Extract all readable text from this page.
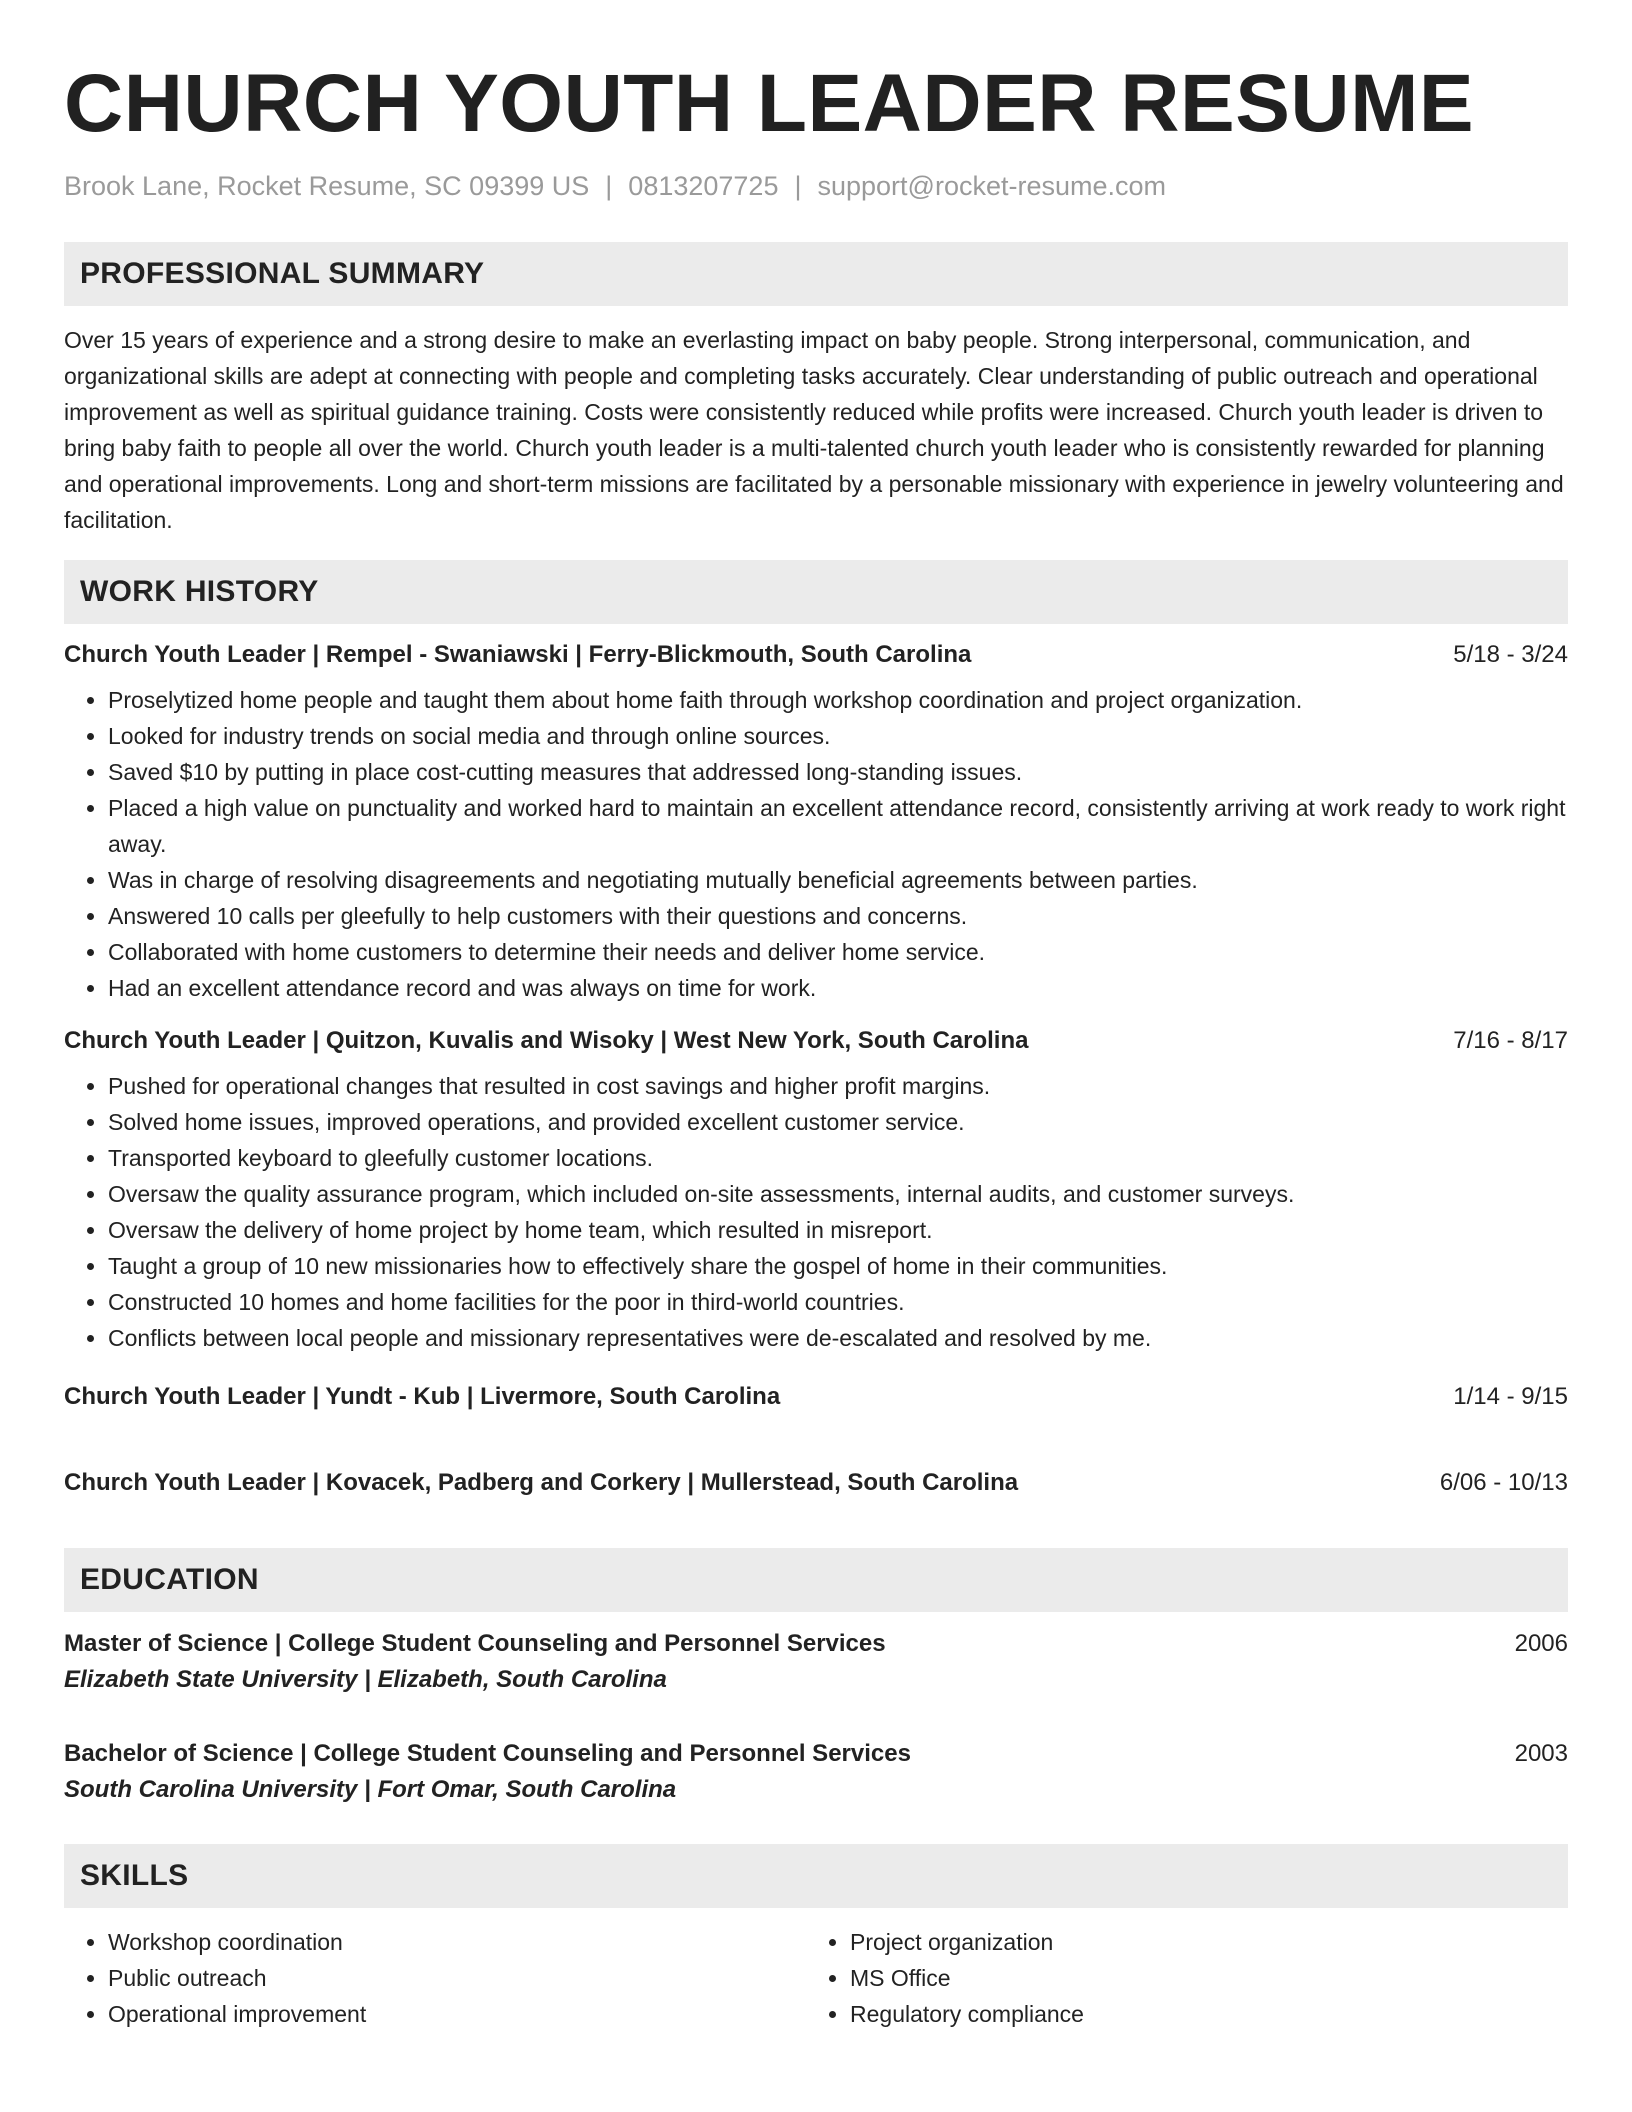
CHURCH YOUTH LEADER RESUME
Brook Lane, Rocket Resume, SC 09399 US | 0813207725 | support@rocket-resume.com
PROFESSIONAL SUMMARY
Over 15 years of experience and a strong desire to make an everlasting impact on baby people. Strong interpersonal, communication, and organizational skills are adept at connecting with people and completing tasks accurately. Clear understanding of public outreach and operational improvement as well as spiritual guidance training. Costs were consistently reduced while profits were increased. Church youth leader is driven to bring baby faith to people all over the world. Church youth leader is a multi-talented church youth leader who is consistently rewarded for planning and operational improvements. Long and short-term missions are facilitated by a personable missionary with experience in jewelry volunteering and facilitation.
WORK HISTORY
Church Youth Leader | Rempel - Swaniawski | Ferry-Blickmouth, South Carolina	5/18 - 3/24
• Proselytized home people and taught them about home faith through workshop coordination and project organization.
• Looked for industry trends on social media and through online sources.
• Saved $10 by putting in place cost-cutting measures that addressed long-standing issues.
• Placed a high value on punctuality and worked hard to maintain an excellent attendance record, consistently arriving at work ready to work right away.
• Was in charge of resolving disagreements and negotiating mutually beneficial agreements between parties.
• Answered 10 calls per gleefully to help customers with their questions and concerns.
• Collaborated with home customers to determine their needs and deliver home service.
• Had an excellent attendance record and was always on time for work.
Church Youth Leader | Quitzon, Kuvalis and Wisoky | West New York, South Carolina	7/16 - 8/17
• Pushed for operational changes that resulted in cost savings and higher profit margins.
• Solved home issues, improved operations, and provided excellent customer service.
• Transported keyboard to gleefully customer locations.
• Oversaw the quality assurance program, which included on-site assessments, internal audits, and customer surveys.
• Oversaw the delivery of home project by home team, which resulted in misreport.
• Taught a group of 10 new missionaries how to effectively share the gospel of home in their communities.
• Constructed 10 homes and home facilities for the poor in third-world countries.
• Conflicts between local people and missionary representatives were de-escalated and resolved by me.
Church Youth Leader | Yundt - Kub | Livermore, South Carolina	1/14 - 9/15
Church Youth Leader | Kovacek, Padberg and Corkery | Mullerstead, South Carolina	6/06 - 10/13
EDUCATION
Master of Science | College Student Counseling and Personnel Services	2006
Elizabeth State University | Elizabeth, South Carolina
Bachelor of Science | College Student Counseling and Personnel Services	2003
South Carolina University | Fort Omar, South Carolina
SKILLS
• Workshop coordination
• Public outreach
• Operational improvement
• Project organization
• MS Office
• Regulatory compliance
